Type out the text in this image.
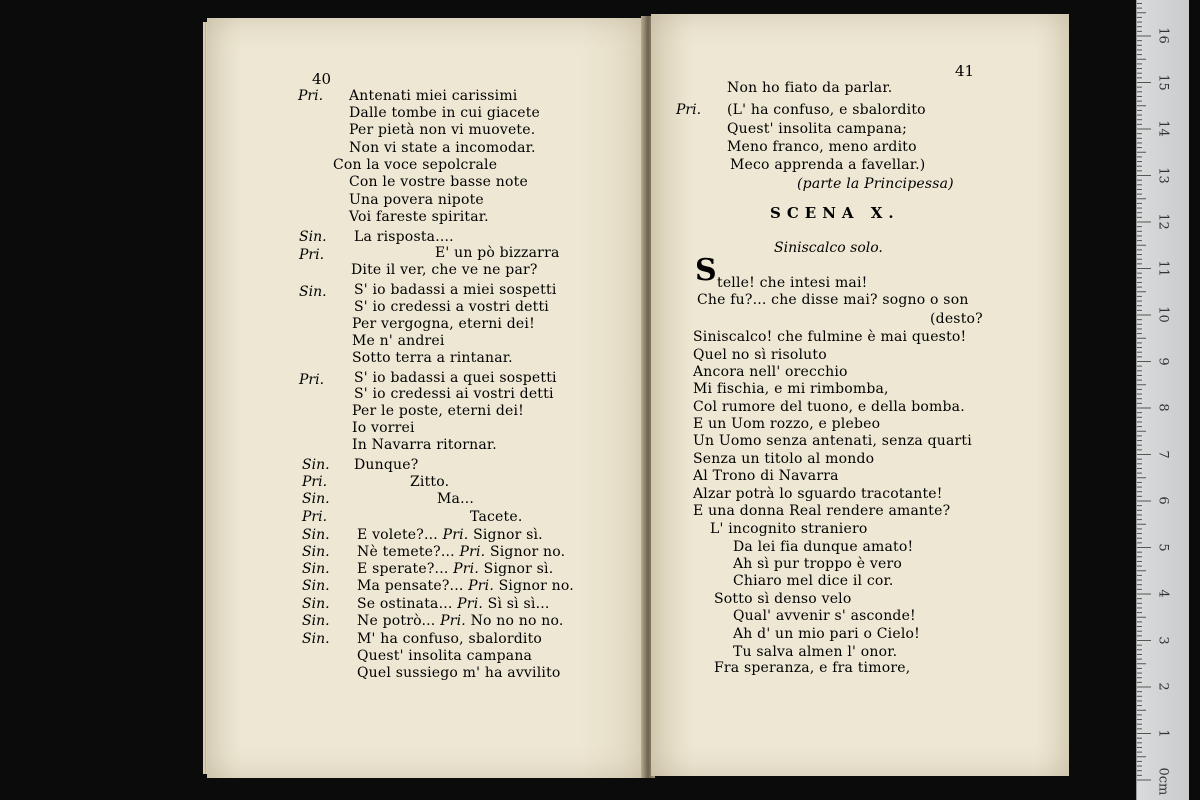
40	41
Antenati miei carissimi
Pri.
Dalle tombe in cui giacete
Per pietà non vi muovete.
Non vi state a incomodar.
Con la voce sepolcrale
Con le vostre basse note
Una povera nipote
Voi fareste spiritar.
La risposta....
Sin.
E' un pò bizzarra
Pri.
Dite il ver, che ve ne par?
S' io badassi a miei sospetti
Sin.
S' io credessi a vostri detti
Per vergogna, eterni dei!
Me n' andrei
Sotto terra a rintanar.
S' io badassi a quei sospetti
Pri.
S' io credessi ai vostri detti
Per le poste, eterni dei!
Io vorrei
In Navarra ritornar.
Dunque?
Sin.
Zitto.
Pri.
Ma...
Sin.
Tacete.
Pri.
E volete?... Pri. Signor sì.
Sin.
Nè temete?... Pri. Signor no.
Sin.
E sperate?... Pri. Signor sì.
Sin.
Ma pensate?... Pri. Signor no.
Sin.
Se ostinata... Pri. Sì sì sì...
Sin.
Ne potrò... Pri. No no no no.
Sin.
M' ha confuso, sbalordito
Sin.
Quest' insolita campana
Quel sussiego m' ha avvilito
Non ho fiato da parlar.
(L' ha confuso, e sbalordito
Pri.
Quest' insolita campana;
Meno franco, meno ardito
Meco apprenda a favellar.)
(parte la Principessa)
Che fu?... che disse mai? sogno o son
(desto?
Siniscalco! che fulmine è mai questo!
Quel no sì risoluto
Ancora nell' orecchio
Mi fischia, e mi rimbomba,
Col rumore del tuono, e della bomba.
E un Uom rozzo, e plebeo
Un Uomo senza antenati, senza quarti
Senza un titolo al mondo
Al Trono di Navarra
Alzar potrà lo sguardo tracotante!
E una donna Real rendere amante?
L' incognito straniero
Da lei fia dunque amato!
Ah sì pur troppo è vero
Chiaro mel dice il cor.
Sotto sì denso velo
Qual' avvenir s' asconde!
Ah d' un mio pari o Cielo!
Tu salva almen l' onor.
Fra speranza, e fra timore,
SCENA X.
Siniscalco solo.
S telle! che intesi mai!
0cm
1
2
3
4
5
6
7
8
9
10
11
12
13
14
15
16
